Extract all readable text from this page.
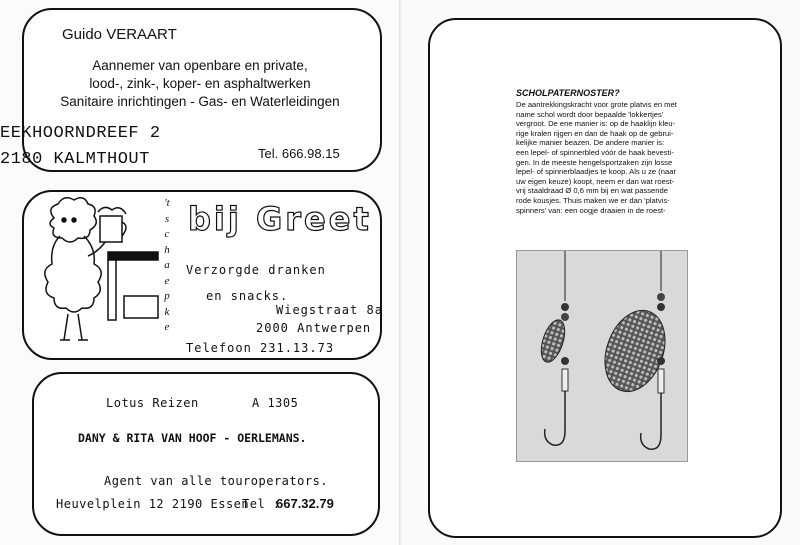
Guido VERAART
Aannemer van openbare en private,
lood-, zink-, koper- en asphaltwerken
Sanitaire inrichtingen - Gas- en Waterleidingen
EEKHOORNDREEF 2
2180 KALMTHOUT	Tel. 666.98.15
't
s
c
h
a
e
p
k
e
bij Greet
Verzorgde dranken
en snacks.
Wiegstraat 8a
2000 Antwerpen
Telefoon 231.13.73
Lotus Reizen	A 1305
DANY & RITA VAN HOOF - OERLEMANS.
Agent van alle touroperators.
Heuvelplein 12 2190 Essen
Tel :
667.32.79
SCHOLPATERNOSTER?
De aantrekkingskracht voor grote platvis en met
name schol wordt door bepaalde 'lokkertjes'
vergroot. De ene manier is: op de haaklijn kleu-
rige kralen rijgen en dan de haak op de gebrui-
kelijke manier beazen. De andere manier is:
een lepel- of spinnerbled vóór de haak bevesti-
gen. In de meeste hengelsportzaken zijn losse
lepel- of spinnerblaadjes te koop. Als u ze (naar
uw eigen keuze) koopt, neem er dan wat roest-
vrij staaldraad Ø 0,6 mm bij en wat passende
rode kousjes. Thuis maken we er dan 'platvis-
spinners' van: een oogje draaien in de roest-
